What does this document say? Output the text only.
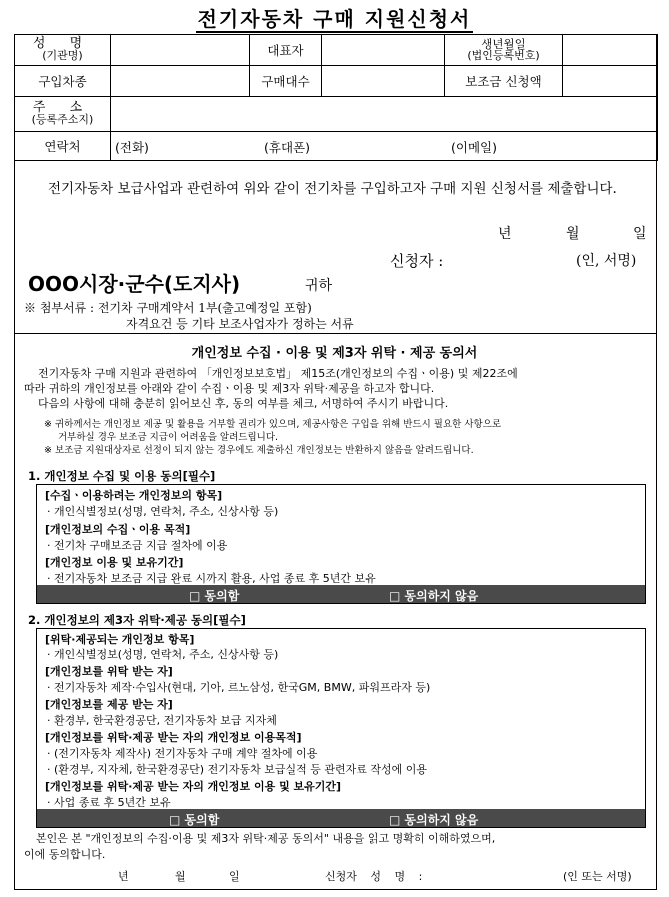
전기자동차 구매 지원신청서
성 명
(기관명)		대표자		생년월일
(법인등록번호)	

구입차종		구매대수		보조금 신청액	

주 소
(등록주소지)					

연락처	(전화) (휴대폰) (이메일)				
전기자동차 보급사업과 관련하여 위와 같이 전기차를 구입하고자 구매 지원 신청서를 제출합니다.
년	월	일
신청자 :	(인, 서명)
OOO시장·군수(도지사)	귀하
※ 첨부서류 : 전기차 구매계약서 1부(출고예정일 포함)
자격요건 등 기타 보조사업자가 정하는 서류
개인정보 수집 · 이용 및 제3자 위탁 · 제공 동의서

전기자동차 구매 지원과 관련하여 「개인정보보호법」 제15조(개인정보의 수집ㆍ이용) 및 제22조에

따라 귀하의 개인정보를 아래와 같이 수집ㆍ이용 및 제3자 위탁·제공을 하고자 합니다.

다음의 사항에 대해 충분히 읽어보신 후, 동의 여부를 체크, 서명하여 주시기 바랍니다.

※ 귀하께서는 개인정보 제공 및 활용을 거부할 권리가 있으며, 제공사항은 구입을 위해 반드시 필요한 사항으로

거부하실 경우 보조금 지급이 어려움을 알려드립니다.

※ 보조금 지원대상자로 선정이 되지 않는 경우에도 제출하신 개인정보는 반환하지 않음을 알려드립니다.

1. 개인정보 수집 및 이용 동의[필수]
[수집ㆍ이용하려는 개인정보의 항목]
· 개인식별정보(성명, 연락처, 주소, 신상사항 등)
[개인정보의 수집ㆍ이용 목적]
· 전기차 구매보조금 지급 절차에 이용
[개인정보 이용 및 보유기간]
· 전기자동차 보조금 지급 완료 시까지 활용, 사업 종료 후 5년간 보유
□ 동의함	□ 동의하지 않음
2. 개인정보의 제3자 위탁·제공 동의[필수]
[위탁·제공되는 개인정보 항목]
· 개인식별정보(성명, 연락처, 주소, 신상사항 등)
[개인정보를 위탁 받는 자]
· 전기자동차 제작·수입사(현대, 기아, 르노삼성, 한국GM, BMW, 파워프라자 등)
[개인정보를 제공 받는 자]
· 환경부, 한국환경공단, 전기자동차 보급 지자체
[개인정보를 위탁·제공 받는 자의 개인정보 이용목적]
· (전기자동차 제작사) 전기자동차 구매 계약 절차에 이용
· (환경부, 지자체, 한국환경공단) 전기자동차 보급실적 등 관련자료 작성에 이용
[개인정보를 위탁·제공 받는 자의 개인정보 이용 및 보유기간]
· 사업 종료 후 5년간 보유
□ 동의함	□ 동의하지 않음
본인은 본 "개인정보의 수집·이용 및 제3자 위탁·제공 동의서" 내용을 읽고 명확히 이해하였으며,
이에 동의합니다.
년	월	일	신청자 성 명 :	(인 또는 서명)
